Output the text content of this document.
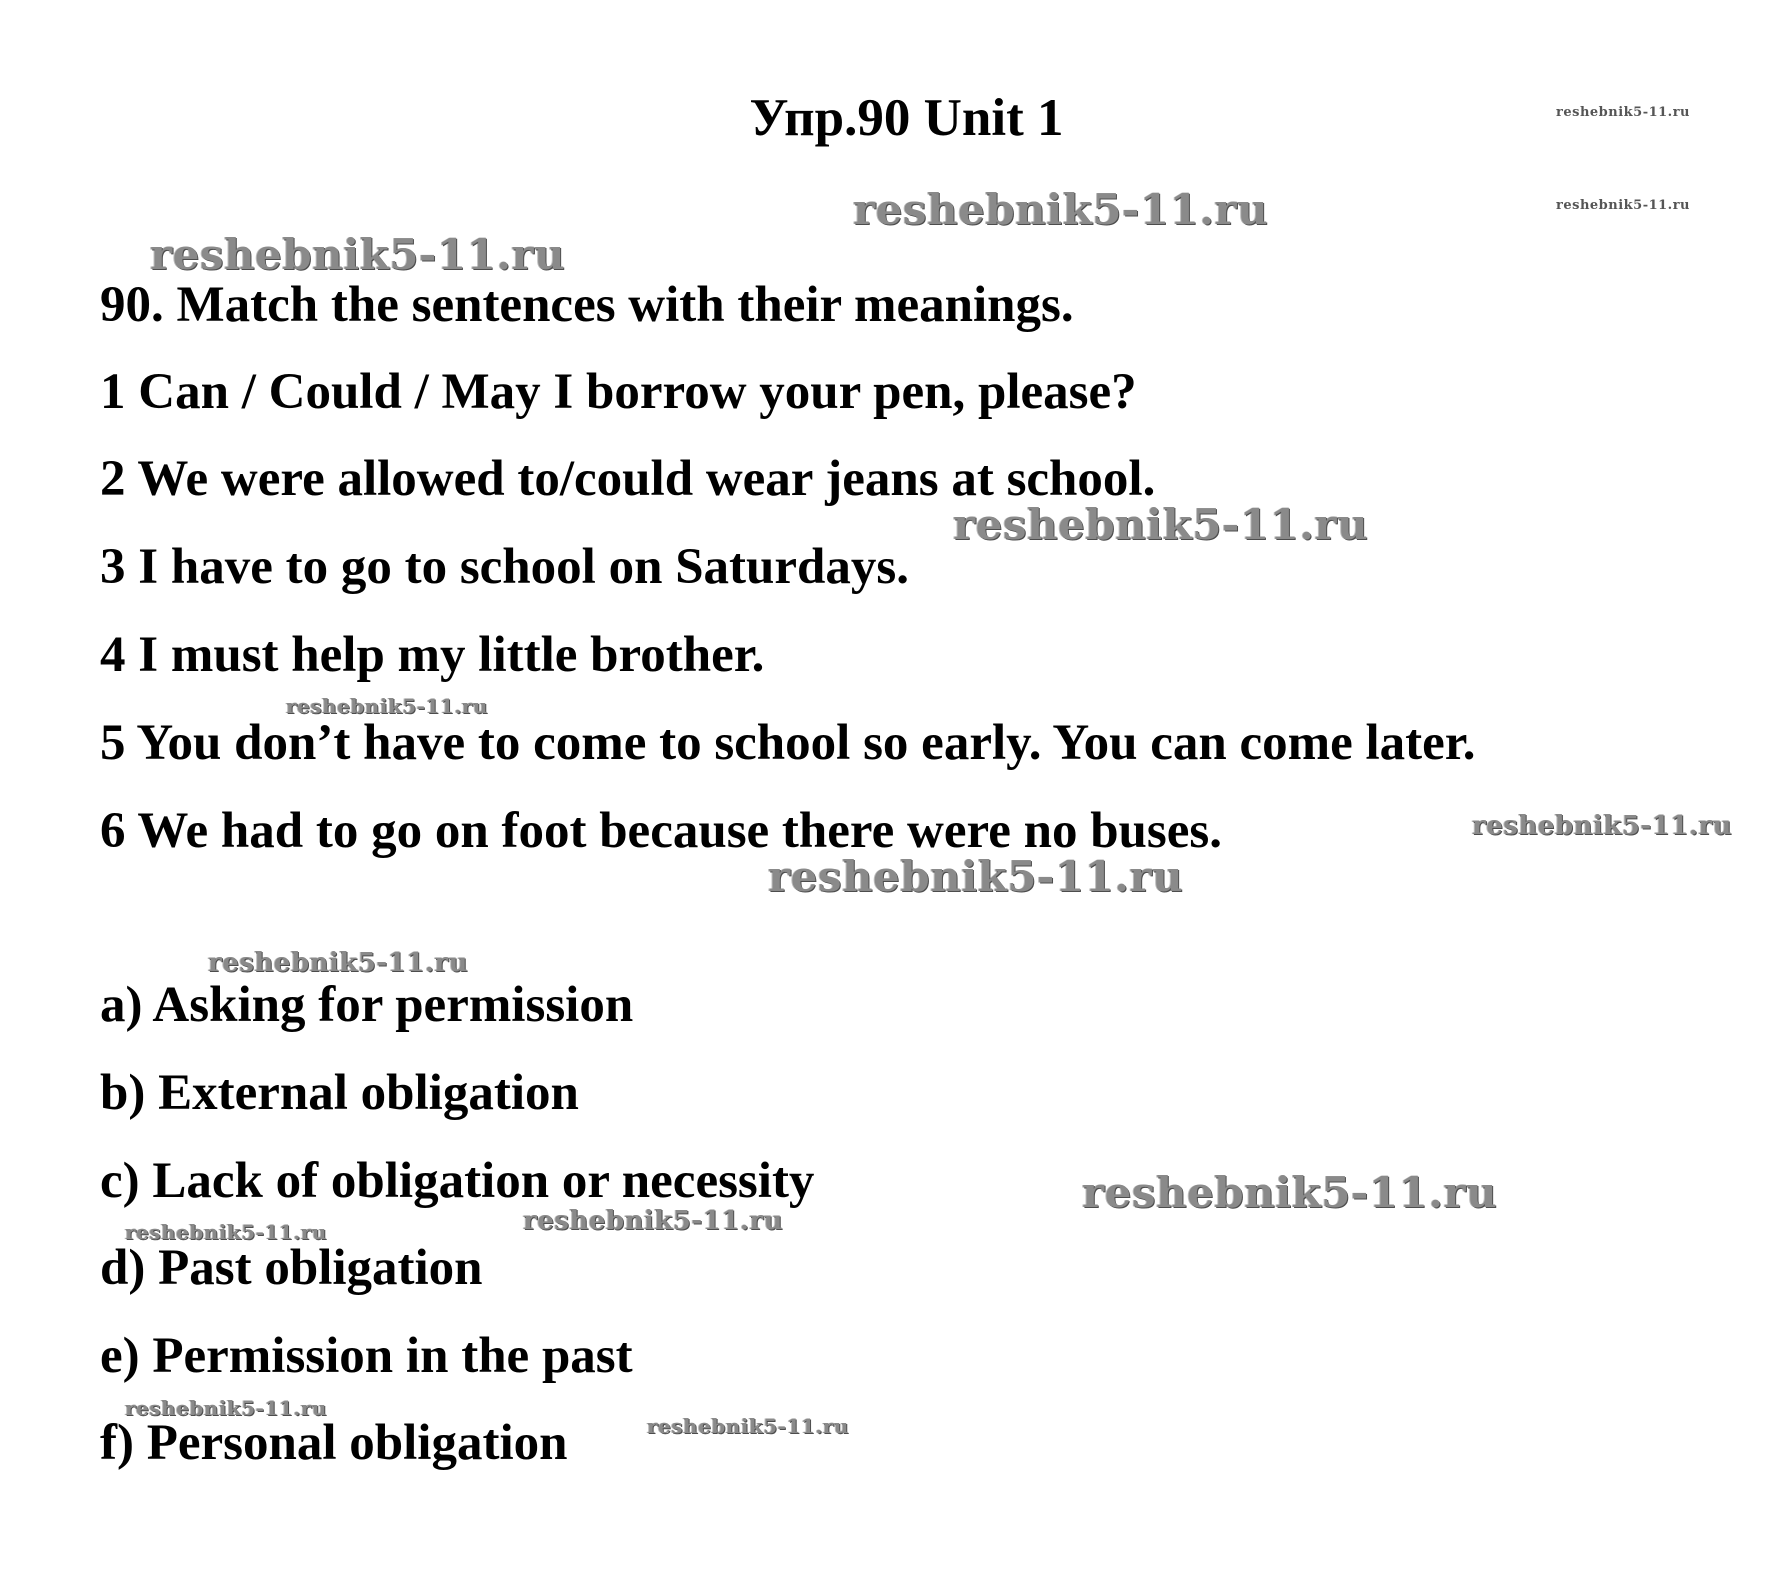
Упр.90 Unit 1
90. Match the sentences with their meanings.
1 Can / Could / May I borrow your pen, please?
2 We were allowed to/could wear jeans at school.
3 I have to go to school on Saturdays.
4 I must help my little brother.
5 You don’t have to come to school so early. You can come later.
6 We had to go on foot because there were no buses.
a) Asking for permission
b) External obligation
c) Lack of obligation or necessity
d) Past obligation
e) Permission in the past
f) Personal obligation
reshebnik5-11.ru
reshebnik5-11.ru
reshebnik5-11.ru
reshebnik5-11.ru
reshebnik5-11.ru
reshebnik5-11.ru
reshebnik5-11.ru
reshebnik5-11.ru
reshebnik5-11.ru
reshebnik5-11.ru
reshebnik5-11.ru	reshebnik5-11.ru
reshebnik5-11.ru
reshebnik5-11.ru
